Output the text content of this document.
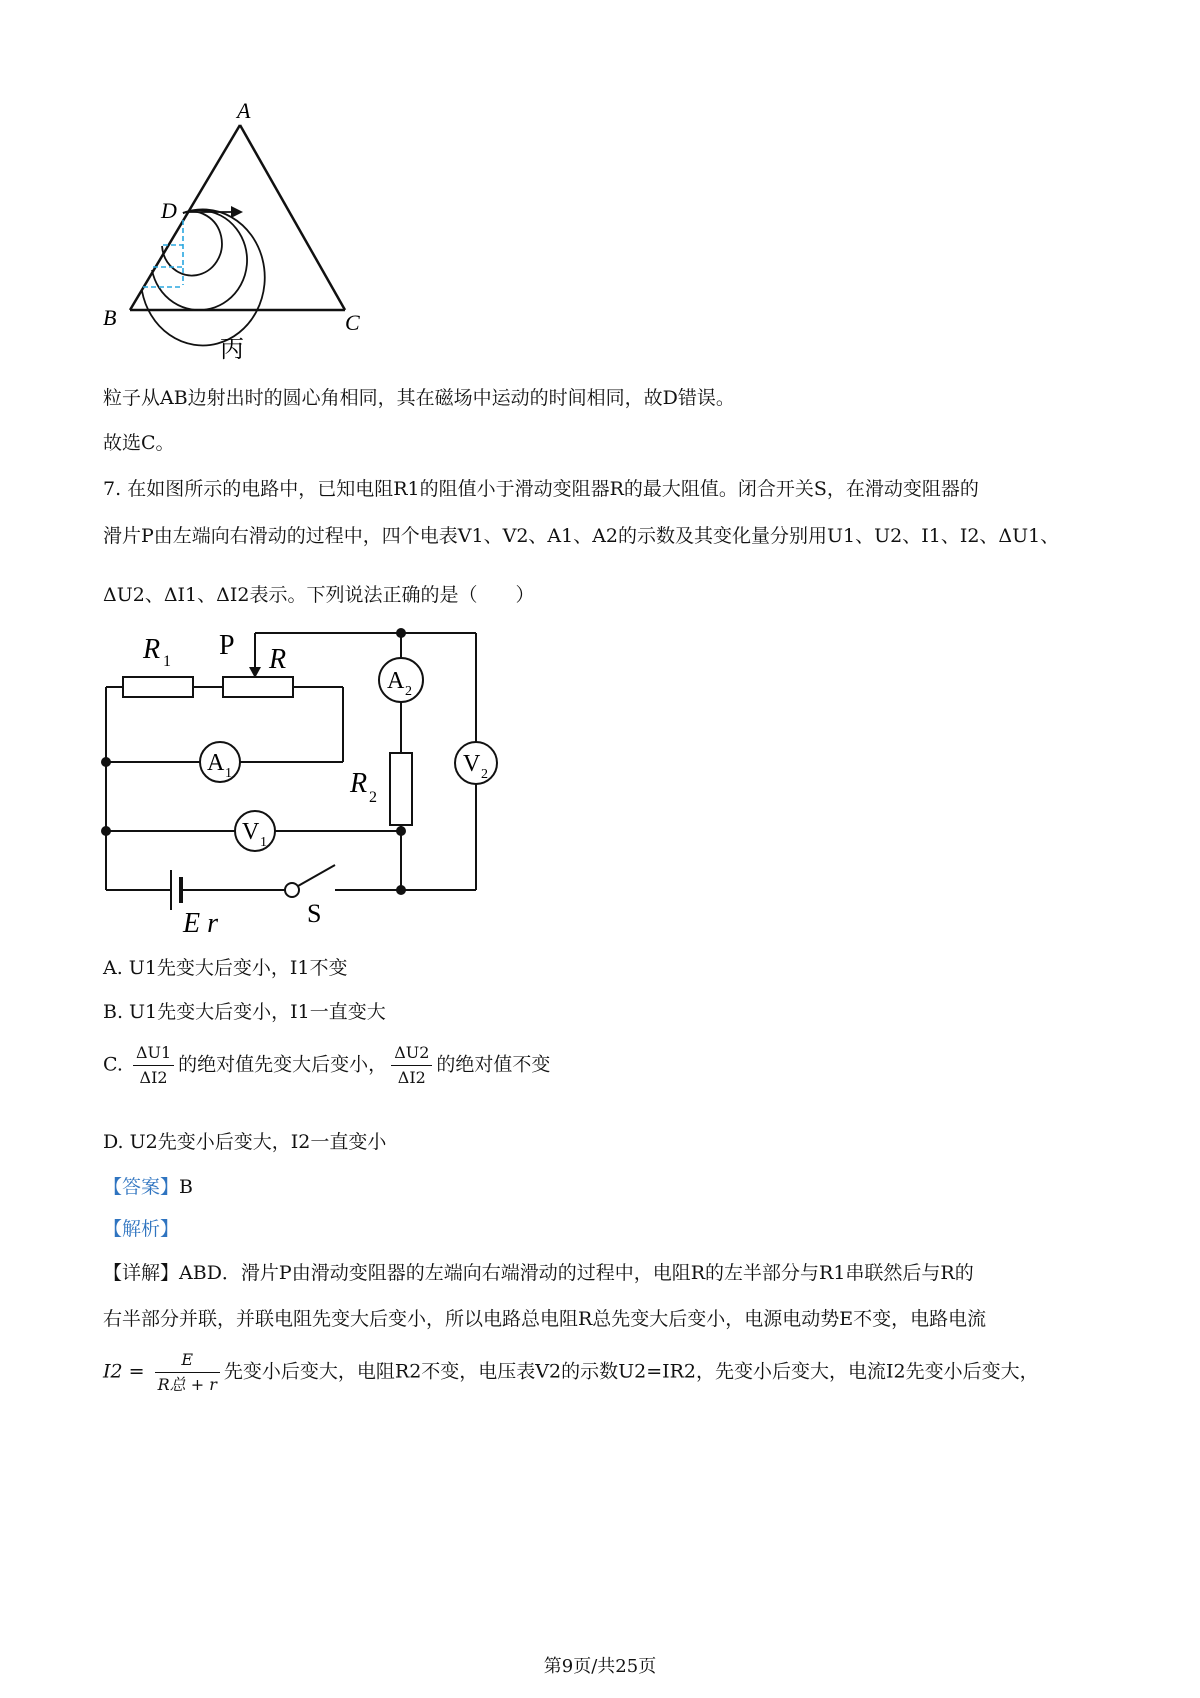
A
D
B	C
丙
粒子从AB边射出时的圆心角相同，其在磁场中运动的时间相同，故D错误。
故选C。
7. 在如图所示的电路中，已知电阻R1的阻值小于滑动变阻器R的最大阻值。闭合开关S，在滑动变阻器的
滑片P由左端向右滑动的过程中，四个电表V1、V2、A1、A2的示数及其变化量分别用U1、U2、I1、I2、ΔU1、
ΔU2、ΔI1、ΔI2表示。下列说法正确的是（　　）
R 1
P R
A 1
A 2
V 1
V 2
R 2
E r	S
A. U1先变大后变小，I1不变
B. U1先变大后变小，I1一直变大
C. $\frac{\Delta U1}{\Delta I2}$ 的绝对值先变大后变小， $\frac{\Delta U2}{\Delta I2}$ 的绝对值不变
D. U2先变小后变大，I2一直变小
【答案】B
【解析】
【详解】ABD．滑片P由滑动变阻器的左端向右端滑动的过程中，电阻R的左半部分与R1串联然后与R的
右半部分并联，并联电阻先变大后变小，所以电路总电阻R总先变大后变小，电源电动势E不变，电路电流
$I2 = \frac{E}{\text{R总 + r}}$ 先变小后变大，电阻R2不变，电压表V2的示数U2=IR2，先变小后变大，电流I2先变小后变大，
第9页/共25页
